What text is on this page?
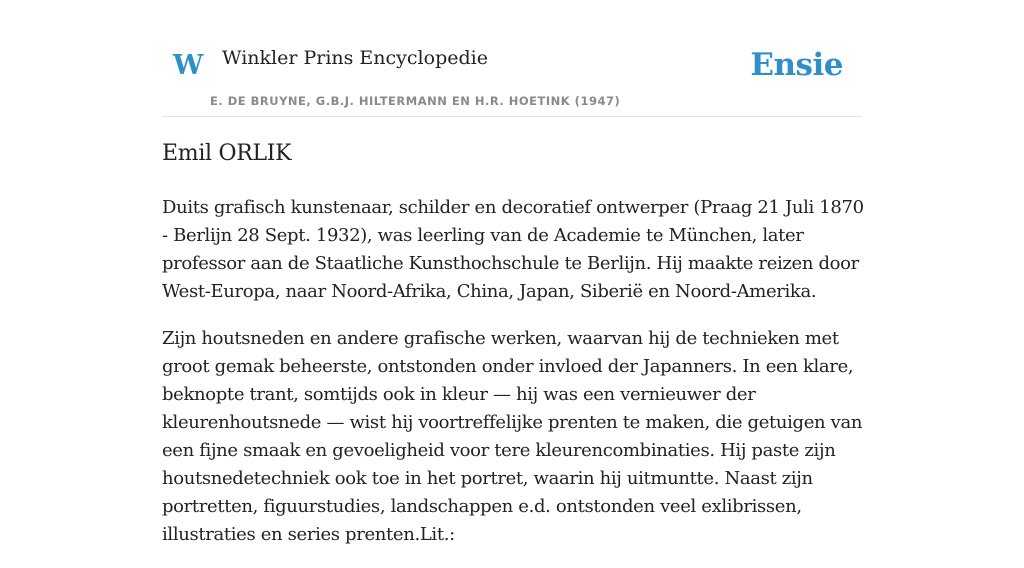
W Winkler Prins Encyclopedie
E. DE BRUYNE, G.B.J. HILTERMANN EN H.R. HOETINK (1947)
Ensie
Emil ORLIK

Duits grafisch kunstenaar, schilder en decoratief ontwerper (Praag 21 Juli 1870 - Berlijn 28 Sept. 1932), was leerling van de Academie te München, later professor aan de Staatliche Kunsthochschule te Berlijn. Hij maakte reizen door West-Europa, naar Noord-Afrika, China, Japan, Siberië en Noord-Amerika.

Zijn houtsneden en andere grafische werken, waarvan hij de technieken met groot gemak beheerste, ontstonden onder invloed der Japanners. In een klare, beknopte trant, somtijds ook in kleur — hij was een vernieuwer der kleurenhoutsnede — wist hij voortreffelijke prenten te maken, die getuigen van een fijne smaak en gevoeligheid voor tere kleurencombinaties. Hij paste zijn houtsnedetechniek ook toe in het portret, waarin hij uitmuntte. Naast zijn portretten, figuurstudies, landschappen e.d. ontstonden veel exlibrissen, illustraties en series prenten.Lit.:
